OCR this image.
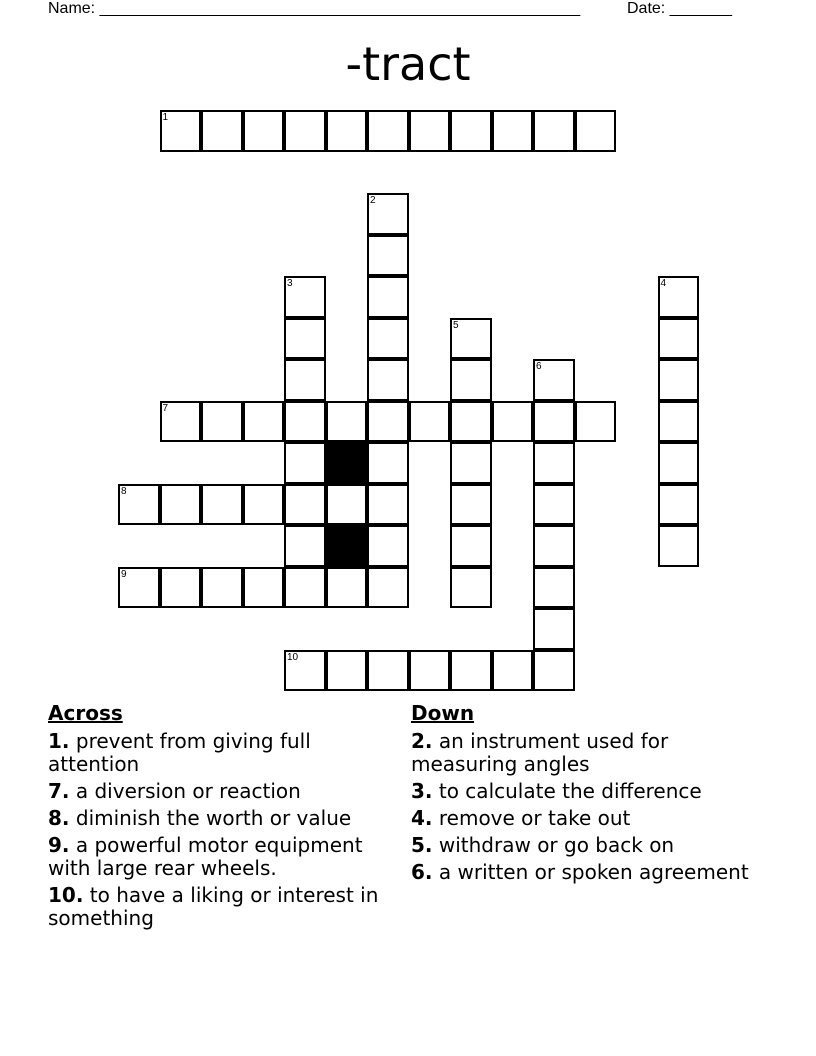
Name: ______________________________________________________	Date: _______
-tract
1
2
3	4
5
6
7
8
9
10
Across
1. prevent from giving full attention
7. a diversion or reaction
8. diminish the worth or value
9. a powerful motor equipment with large rear wheels.
10. to have a liking or interest in something
Down
2. an instrument used for measuring angles
3. to calculate the difference
4. remove or take out
5. withdraw or go back on
6. a written or spoken agreement
